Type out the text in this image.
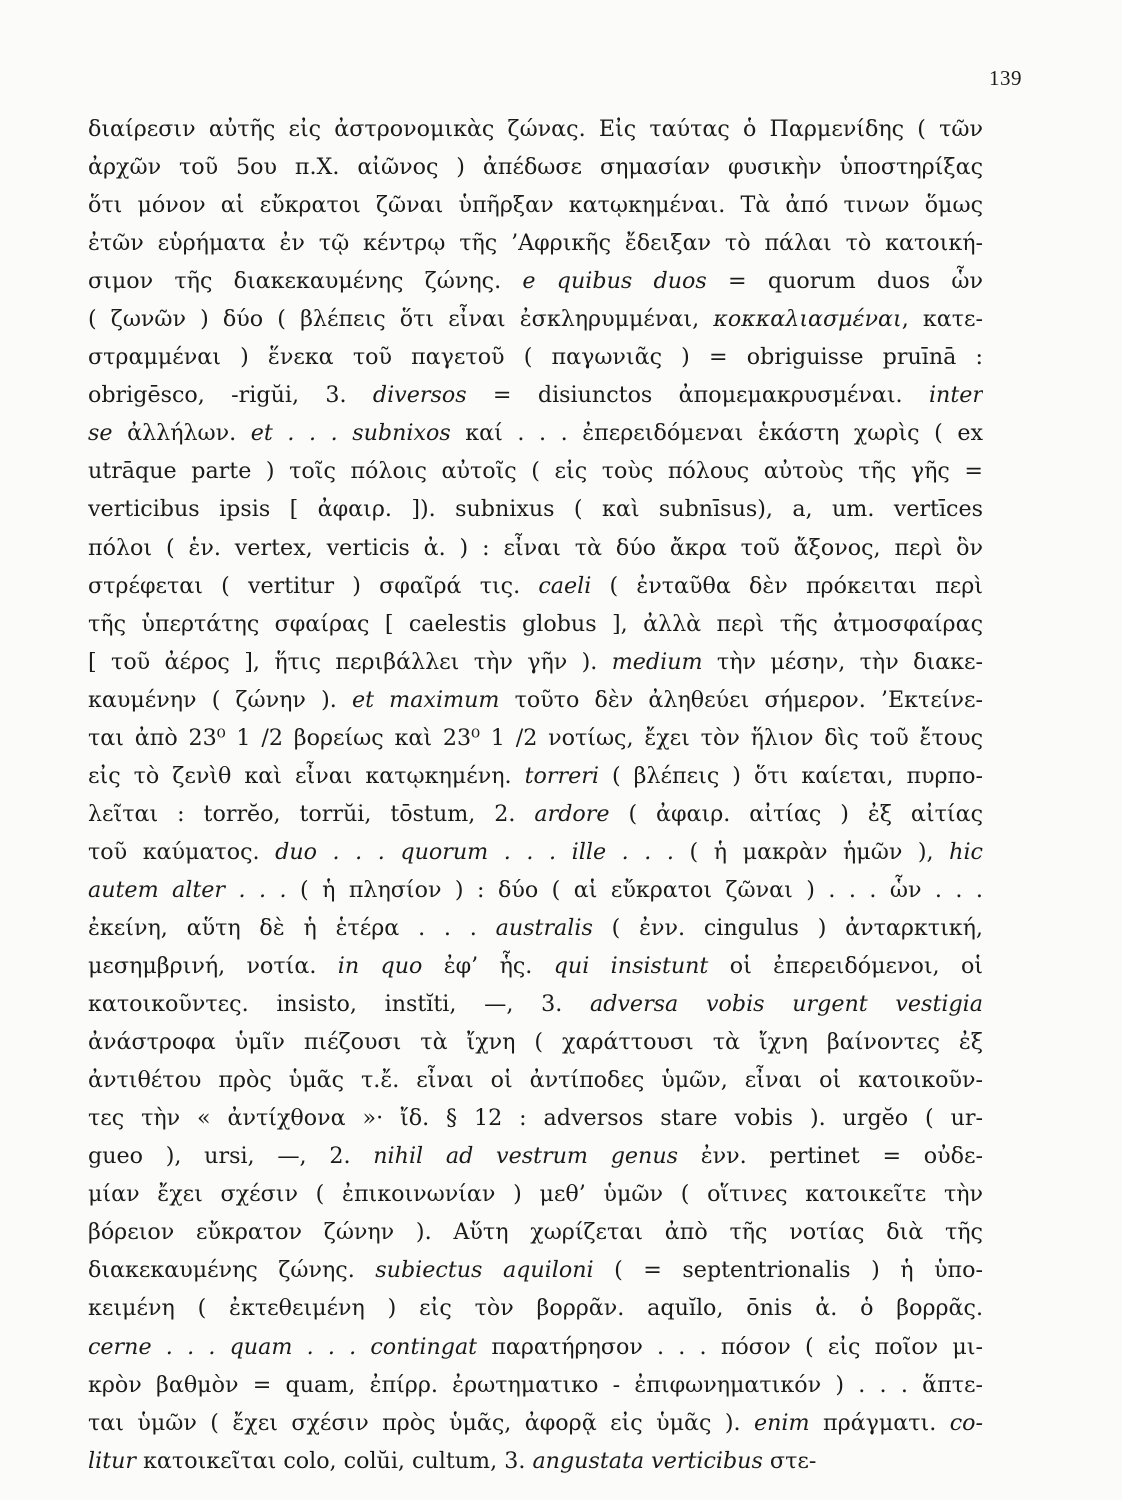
139
διαίρεσιν αὐτῆς εἰς ἀστρονομικὰς ζώνας. Εἰς ταύτας ὁ Παρμενίδης ( τῶν
ἀρχῶν τοῦ 5ου π.Χ. αἰῶνος ) ἀπέδωσε σημασίαν φυσικὴν ὑποστηρίξας
ὅτι μόνον αἱ εὔκρατοι ζῶναι ὑπῆρξαν κατῳκημέναι. Τὰ ἀπό τινων ὅμως
ἐτῶν εὑρήματα ἐν τῷ κέντρῳ τῆς ’Αφρικῆς ἔδειξαν τὸ πάλαι τὸ κατοική-
σιμον τῆς διακεκαυμένης ζώνης. e quibus duos = quorum duos ὧν
( ζωνῶν ) δύο ( βλέπεις ὅτι εἶναι ἐσκληρυμμέναι, κοκκαλιασμέναι, κατε-
στραμμέναι ) ἕνεκα τοῦ παγετοῦ ( παγωνιᾶς ) = obriguisse pruīnā :
obrigēsco, -rigŭi, 3. diversos = disiunctos ἀπομεμακρυσμέναι. inter
se ἀλλήλων. et . . . subnixos καί . . . ἐπερειδόμεναι ἑκάστη χωρὶς ( ex
utrāque parte ) τοῖς πόλοις αὐτοῖς ( εἰς τοὺς πόλους αὐτοὺς τῆς γῆς =
verticibus ipsis [ ἀφαιρ. ]). subnixus ( καὶ subnīsus), a, um. vertīces
πόλοι ( ἑν. vertex, verticis ἀ. ) : εἶναι τὰ δύο ἄκρα τοῦ ἄξονος, περὶ ὃν
στρέφεται ( vertitur ) σφαῖρά τις. caeli ( ἐνταῦθα δὲν πρόκειται περὶ
τῆς ὑπερτάτης σφαίρας [ caelestis globus ], ἀλλὰ περὶ τῆς ἀτμοσφαίρας
[ τοῦ ἀέρος ], ἥτις περιβάλλει τὴν γῆν ). medium τὴν μέσην, τὴν διακε-
καυμένην ( ζώνην ). et maximum τοῦτο δὲν ἀληθεύει σήμερον. ’Εκτείνε-
ται ἀπὸ 23⁰ 1 /2 βορείως καὶ 23⁰ 1 /2 νοτίως, ἔχει τὸν ἥλιον δὶς τοῦ ἔτους
εἰς τὸ ζενὶθ καὶ εἶναι κατῳκημένη. torreri ( βλέπεις ) ὅτι καίεται, πυρπο-
λεῖται : torrĕo, torrŭi, tōstum, 2. ardore ( ἀφαιρ. αἰτίας ) ἐξ αἰτίας
τοῦ καύματος. duo . . . quorum . . . ille . . . ( ἡ μακρὰν ἡμῶν ), hic
autem alter . . . ( ἡ πλησίον ) : δύο ( αἱ εὔκρατοι ζῶναι ) . . . ὧν . . .
ἐκείνη, αὕτη δὲ ἡ ἑτέρα . . . australis ( ἐνν. cingulus ) ἀνταρκτική,
μεσημβρινή, νοτία. in quo ἐφ’ ἧς. qui insistunt οἱ ἐπερειδόμενοι, οἱ
κατοικοῦντες. insisto, instĭti, —, 3. adversa vobis urgent vestigia
ἀνάστροφα ὑμῖν πιέζουσι τὰ ἴχνη ( χαράττουσι τὰ ἴχνη βαίνοντες ἐξ
ἀντιθέτου πρὸς ὑμᾶς τ.ἔ. εἶναι οἱ ἀντίποδες ὑμῶν, εἶναι οἱ κατοικοῦν-
τες τὴν « ἀντίχθονα »· ἴδ. § 12 : adversos stare vobis ). urgĕo ( ur-
gueo ), ursi, —, 2. nihil ad vestrum genus ἐνν. pertinet = οὐδε-
μίαν ἔχει σχέσιν ( ἐπικοινωνίαν ) μεθ’ ὑμῶν ( οἵτινες κατοικεῖτε τὴν
βόρειον εὔκρατον ζώνην ). Αὕτη χωρίζεται ἀπὸ τῆς νοτίας διὰ τῆς
διακεκαυμένης ζώνης. subiectus aquiloni ( = septentrionalis ) ἡ ὑπο-
κειμένη ( ἐκτεθειμένη ) εἰς τὸν βορρᾶν. aquĭlo, ōnis ἀ. ὁ βορρᾶς.
cerne . . . quam . . . contingat παρατήρησον . . . πόσον ( εἰς ποῖον μι-
κρὸν βαθμὸν = quam, ἐπίρρ. ἐρωτηματικο - ἐπιφωνηματικόν ) . . . ἅπτε-
ται ὑμῶν ( ἔχει σχέσιν πρὸς ὑμᾶς, ἀφορᾷ εἰς ὑμᾶς ). enim πράγματι. co-
litur κατοικεῖται colo, colŭi, cultum, 3. angustata verticibus στε-
